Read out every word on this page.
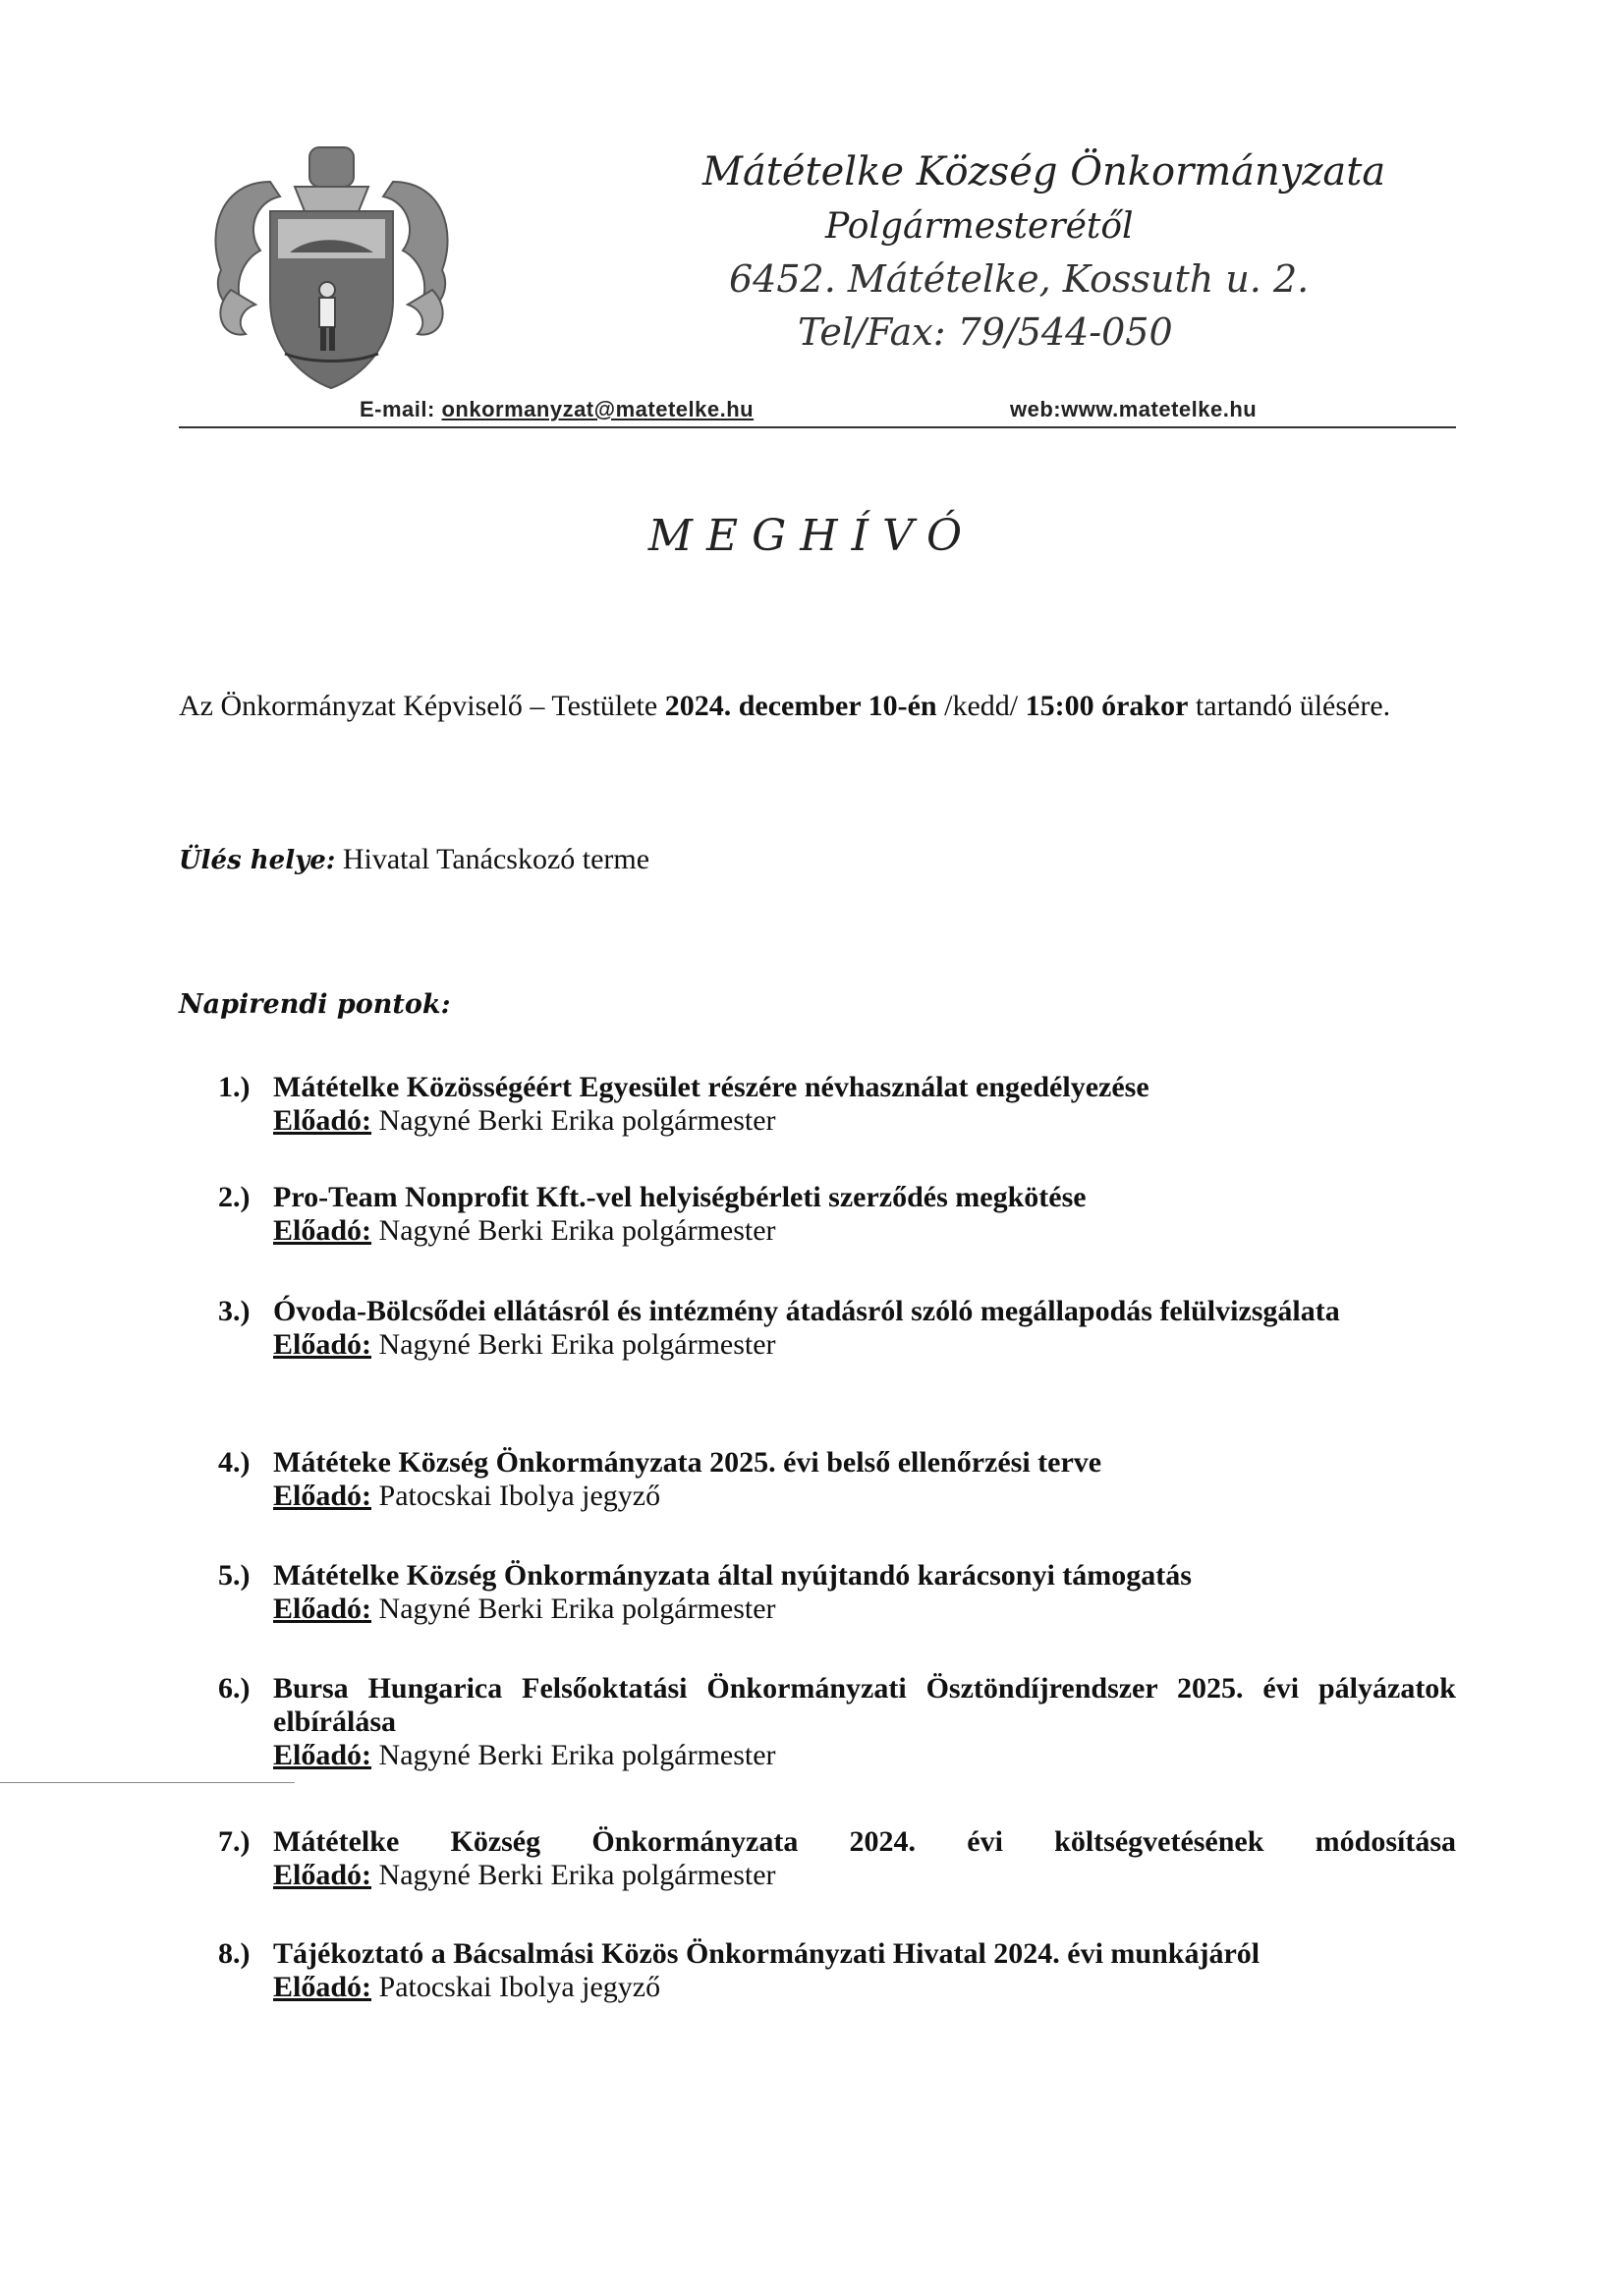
Mátételke Község Önkormányzata
Polgármesterétől
6452. Mátételke, Kossuth u. 2.
Tel/Fax: 79/544-050
E-mail: onkormanyzat@matetelke.hu	web:www.matetelke.hu
MEGHÍVÓ
Az Önkormányzat Képviselő – Testülete 2024. december 10-én /kedd/ 15:00 órakor tartandó ülésére.
Ülés helye: Hivatal Tanácskozó terme
Napirendi pontok:
1.) Mátételke Közösségéért Egyesület részére névhasználat engedélyezése
Előadó: Nagyné Berki Erika polgármester
2.) Pro-Team Nonprofit Kft.-vel helyiségbérleti szerződés megkötése
Előadó: Nagyné Berki Erika polgármester
3.) Óvoda-Bölcsődei ellátásról és intézmény átadásról szóló megállapodás felülvizsgálata
Előadó: Nagyné Berki Erika polgármester
4.) Mátéteke Község Önkormányzata 2025. évi belső ellenőrzési terve
Előadó: Patocskai Ibolya jegyző
5.) Mátételke Község Önkormányzata által nyújtandó karácsonyi támogatás
Előadó: Nagyné Berki Erika polgármester
6.) Bursa Hungarica Felsőoktatási Önkormányzati Ösztöndíjrendszer 2025. évi pályázatok elbírálása
Előadó: Nagyné Berki Erika polgármester
7.) Mátételke Község Önkormányzata 2024. évi költségvetésének módosítása
Előadó: Nagyné Berki Erika polgármester
8.) Tájékoztató a Bácsalmási Közös Önkormányzati Hivatal 2024. évi munkájáról
Előadó: Patocskai Ibolya jegyző
